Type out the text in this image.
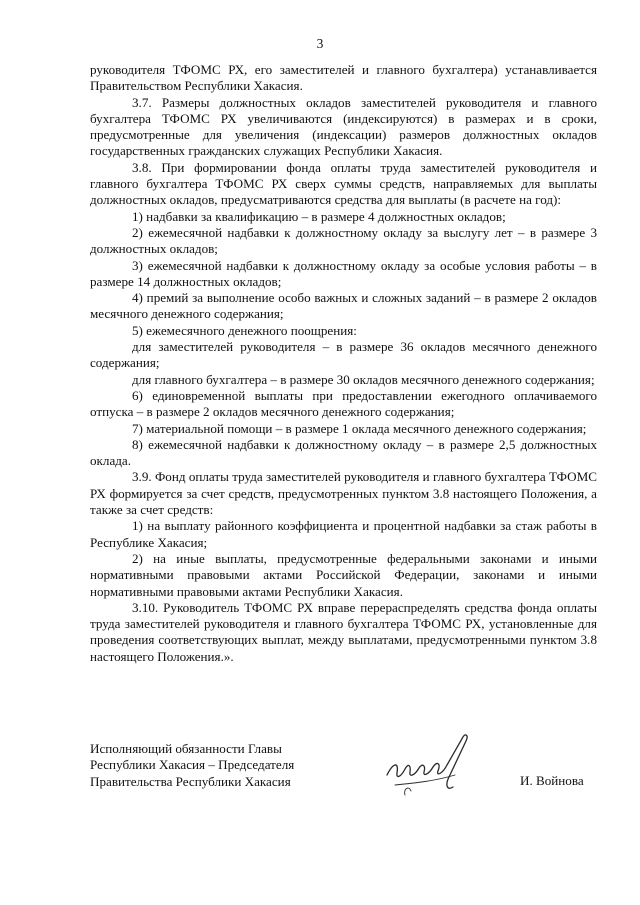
3

руководителя ТФОМС РХ, его заместителей и главного бухгалтера) устанавливается Правительством Республики Хакасия.

3.7. Размеры должностных окладов заместителей руководителя и главного бухгалтера ТФОМС РХ увеличиваются (индексируются) в размерах и в сроки, предусмотренные для увеличения (индексации) размеров должностных окладов государственных гражданских служащих Республики Хакасия.

3.8. При формировании фонда оплаты труда заместителей руководителя и главного бухгалтера ТФОМС РХ сверх суммы средств, направляемых для выплаты должностных окладов, предусматриваются средства для выплаты (в расчете на год):

1) надбавки за квалификацию – в размере 4 должностных окладов;

2) ежемесячной надбавки к должностному окладу за выслугу лет – в размере 3 должностных окладов;

3) ежемесячной надбавки к должностному окладу за особые условия работы – в размере 14 должностных окладов;

4) премий за выполнение особо важных и сложных заданий – в размере 2 окладов месячного денежного содержания;

5) ежемесячного денежного поощрения:

для заместителей руководителя – в размере 36 окладов месячного денежного содержания;

для главного бухгалтера – в размере 30 окладов месячного денежного содержания;

6) единовременной выплаты при предоставлении ежегодного оплачиваемого отпуска – в размере 2 окладов месячного денежного содержания;

7) материальной помощи – в размере 1 оклада месячного денежного содержания;

8) ежемесячной надбавки к должностному окладу – в размере 2,5 должностных оклада.

3.9. Фонд оплаты труда заместителей руководителя и главного бухгалтера ТФОМС РХ формируется за счет средств, предусмотренных пунктом 3.8 настоящего Положения, а также за счет средств:

1) на выплату районного коэффициента и процентной надбавки за стаж работы в Республике Хакасия;

2) на иные выплаты, предусмотренные федеральными законами и иными нормативными правовыми актами Российской Федерации, законами и иными нормативными правовыми актами Республики Хакасия.

3.10. Руководитель ТФОМС РХ вправе перераспределять средства фонда оплаты труда заместителей руководителя и главного бухгалтера ТФОМС РХ, установленные для проведения соответствующих выплат, между выплатами, предусмотренными пунктом 3.8 настоящего Положения.».

Исполняющий обязанности Главы
Республики Хакасия – Председателя
Правительства Республики Хакасия	И. Войнова
